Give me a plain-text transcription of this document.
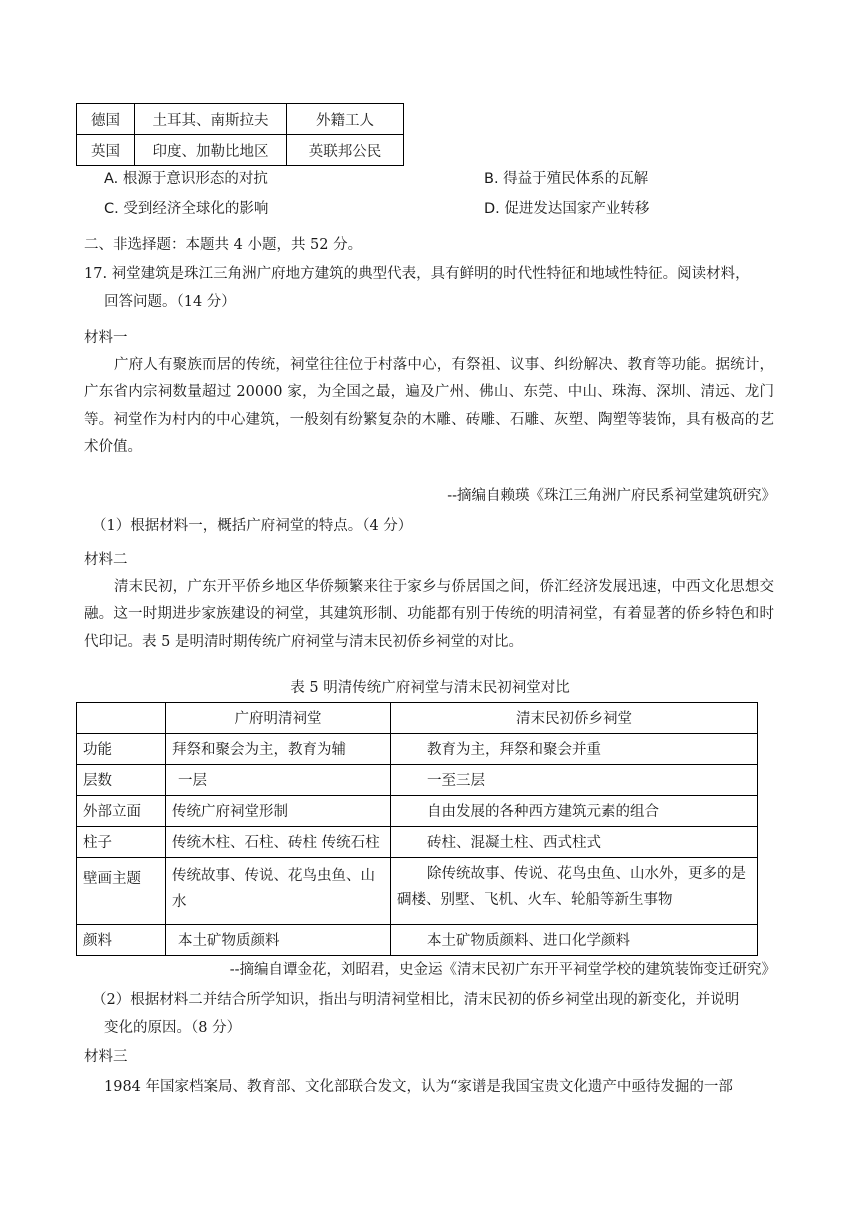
德国	土耳其、南斯拉夫	外籍工人
英国	印度、加勒比地区	英联邦公民
A. 根源于意识形态的对抗	B. 得益于殖民体系的瓦解
C. 受到经济全球化的影响	D. 促进发达国家产业转移
二、非选择题：本题共 4 小题，共 52 分。
17. 祠堂建筑是珠江三角洲广府地方建筑的典型代表，具有鲜明的时代性特征和地域性特征。阅读材料，
回答问题。（14 分）
材料一
广府人有聚族而居的传统，祠堂往往位于村落中心，有祭祖、议事、纠纷解决、教育等功能。据统计，广东省内宗祠数量超过 20000 家，为全国之最，遍及广州、佛山、东莞、中山、珠海、深圳、清远、龙门等。祠堂作为村内的中心建筑，一般刻有纷繁复杂的木雕、砖雕、石雕、灰塑、陶塑等装饰，具有极高的艺术价值。
--摘编自赖瑛《珠江三角洲广府民系祠堂建筑研究》
（1）根据材料一，概括广府祠堂的特点。（4 分）
材料二
清末民初，广东开平侨乡地区华侨频繁来往于家乡与侨居国之间，侨汇经济发展迅速，中西文化思想交融。这一时期进步家族建设的祠堂，其建筑形制、功能都有别于传统的明清祠堂，有着显著的侨乡特色和时代印记。表 5 是明清时期传统广府祠堂与清末民初侨乡祠堂的对比。
表 5 明清传统广府祠堂与清末民初祠堂对比
	广府明清祠堂	清末民初侨乡祠堂
功能	拜祭和聚会为主，教育为辅	教育为主，拜祭和聚会并重
层数	一层	一至三层
外部立面	传统广府祠堂形制	自由发展的各种西方建筑元素的组合
柱子	传统木柱、石柱、砖柱 传统石柱	砖柱、混凝土柱、西式柱式
壁画主题	传统故事、传说、花鸟虫鱼、山水	除传统故事、传说、花鸟虫鱼、山水外，更多的是碉楼、别墅、飞机、火车、轮船等新生事物
颜料	本土矿物质颜料	本土矿物质颜料、进口化学颜料
--摘编自谭金花，刘昭君，史金运《清末民初广东开平祠堂学校的建筑装饰变迁研究》
（2）根据材料二并结合所学知识，指出与明清祠堂相比，清末民初的侨乡祠堂出现的新变化，并说明
变化的原因。（8 分）
材料三
1984 年国家档案局、教育部、文化部联合发文，认为“家谱是我国宝贵文化遗产中亟待发掘的一部
